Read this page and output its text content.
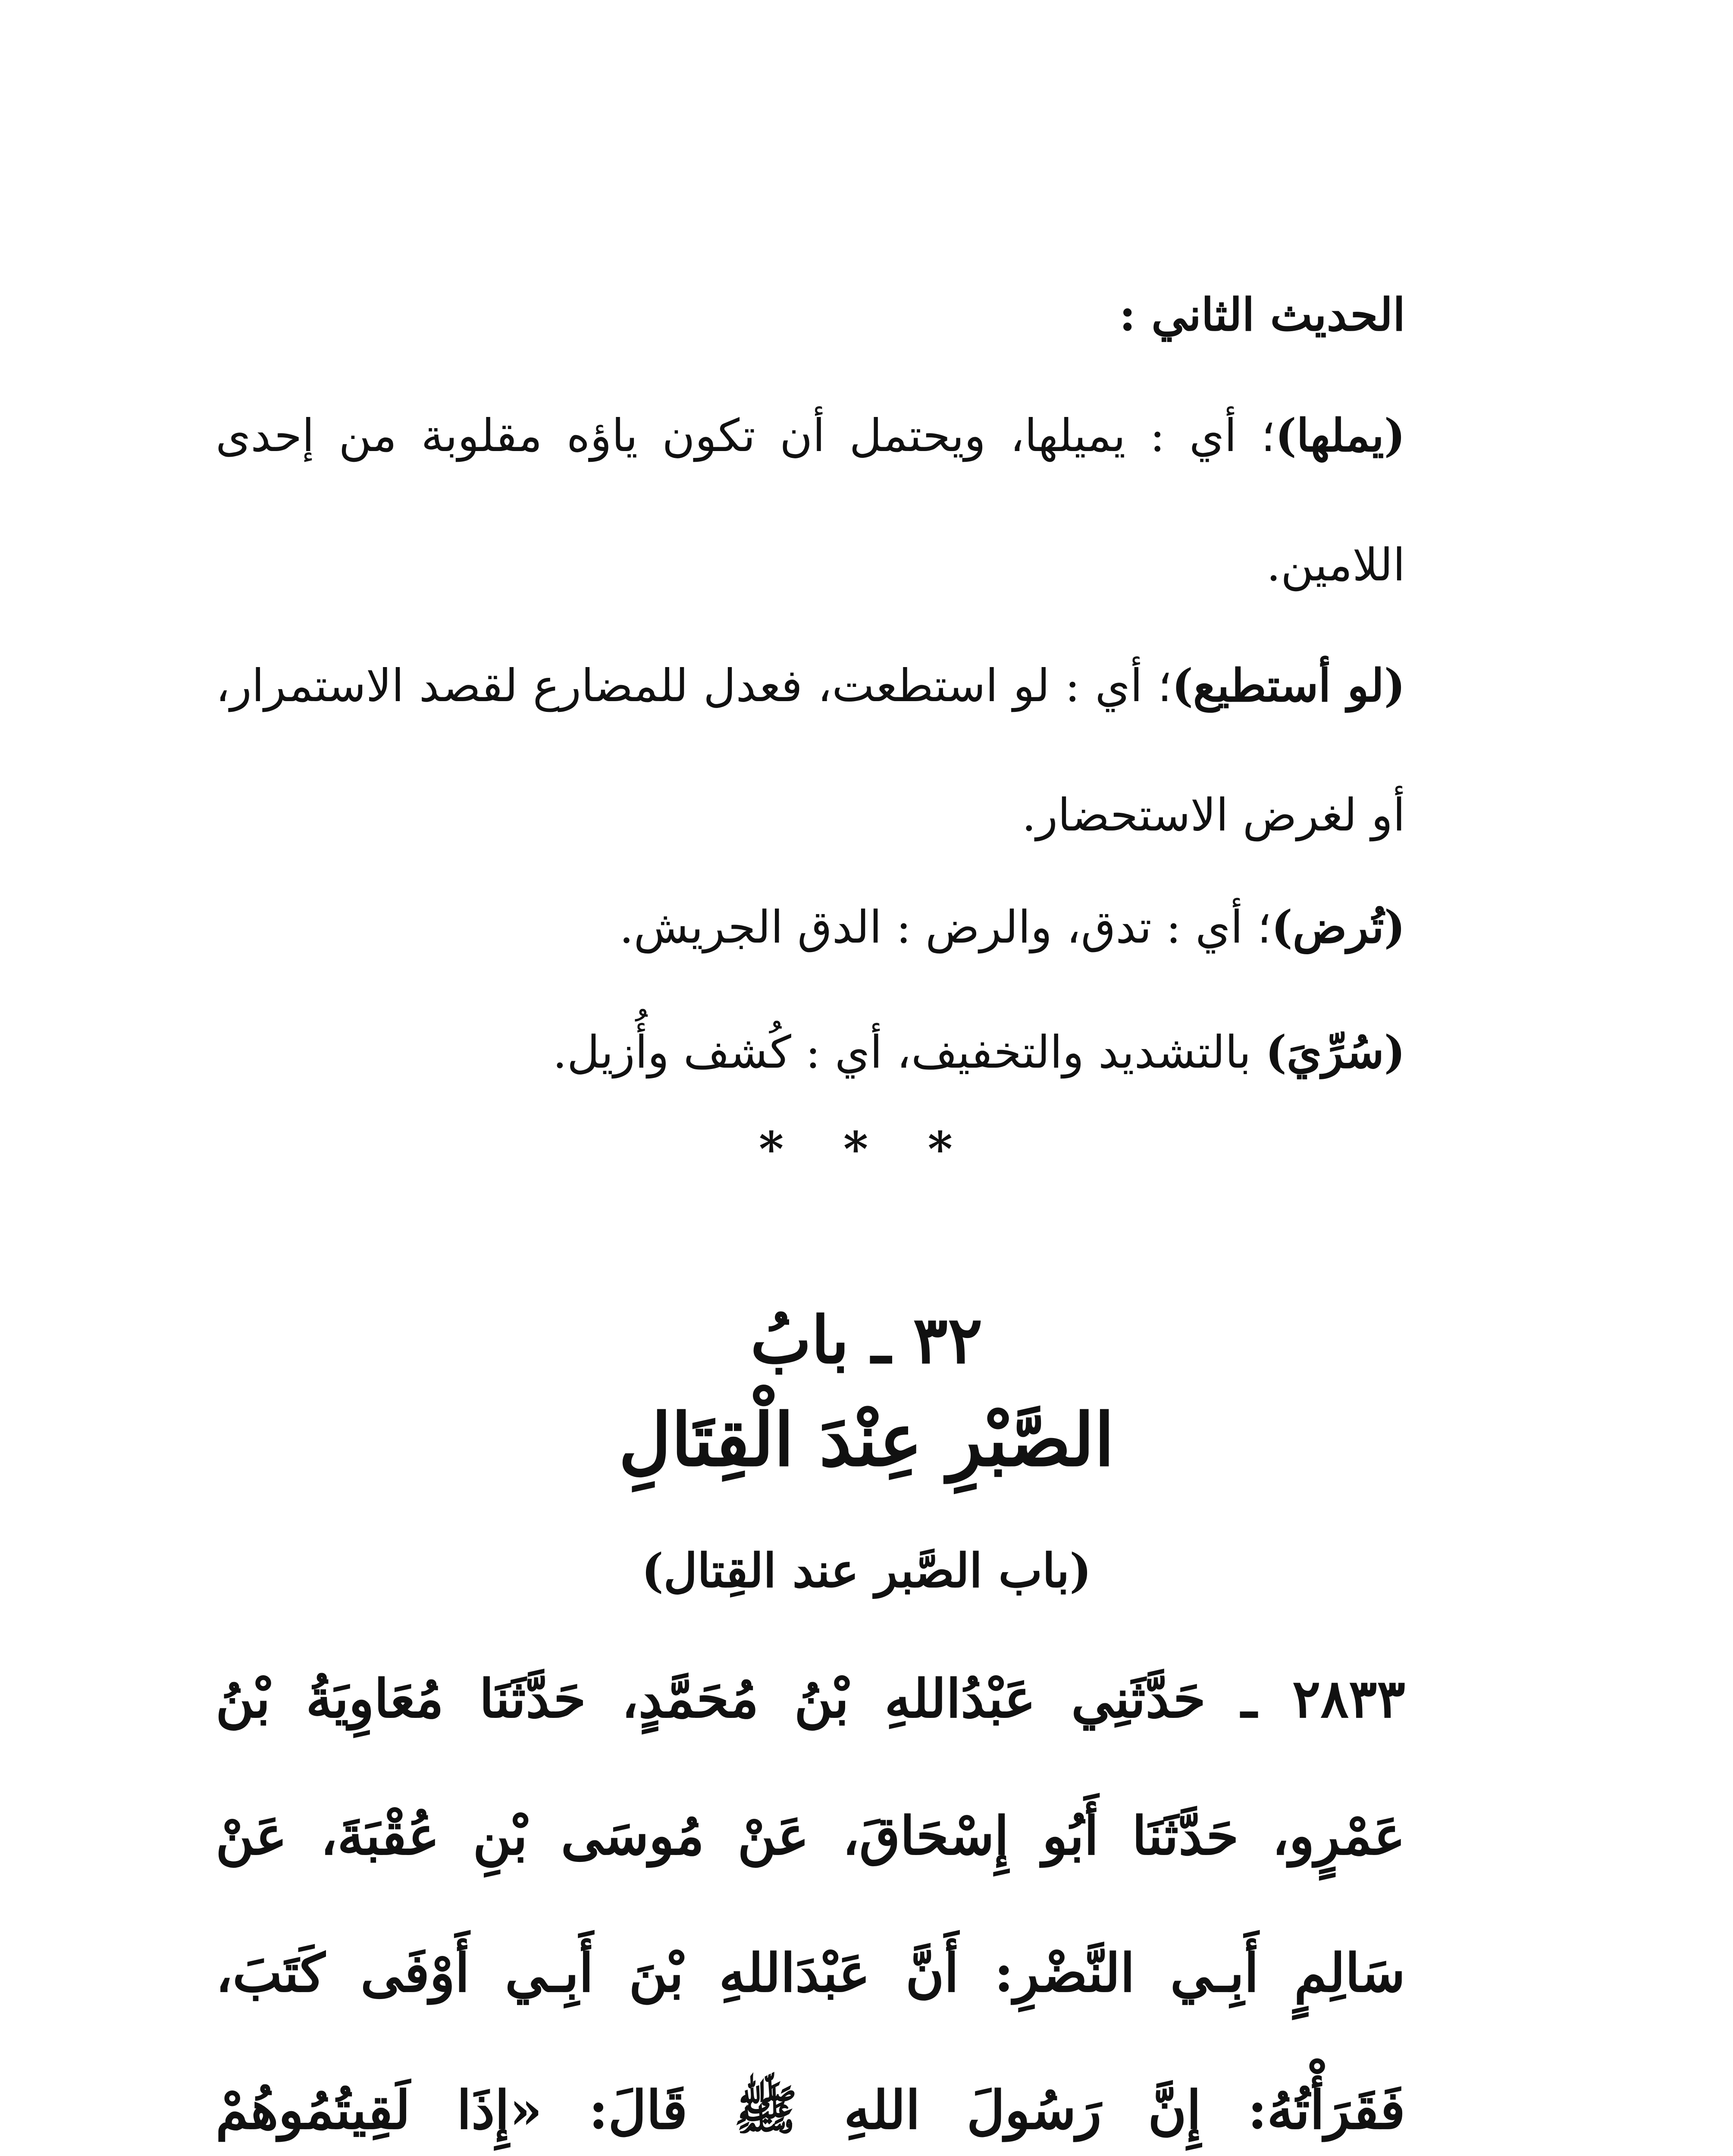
الحديث الثاني :
(يملها)؛ أي : يميلها، ويحتمل أن تكون ياؤه مقلوبة من إحدى اللامين.
(لو أستطيع)؛ أي : لو استطعت، فعدل للمضارع لقصد الاستمرار، أو لغرض الاستحضار.
(تُرض)؛ أي : تدق، والرض : الدق الجريش.
(سُرِّيَ) بالتشديد والتخفيف، أي : كُشف وأُزيل.
* * *
٣٢ ـ بابُ
الصَّبْرِ عِنْدَ الْقِتَالِ
(باب الصَّبر عند القِتال)
٢٨٣٣ ـ حَدَّثَنِي عَبْدُاللهِ بْنُ مُحَمَّدٍ، حَدَّثَنَا مُعَاوِيَةُ بْنُ عَمْرٍو، حَدَّثَنَا أَبُو إِسْحَاقَ، عَنْ مُوسَى بْنِ عُقْبَةَ، عَنْ سَالِمٍ أَبِـي النَّضْرِ: أَنَّ عَبْدَاللهِ بْنَ أَبِـي أَوْفَى كَتَبَ، فَقَرَأْتُهُ: إِنَّ رَسُولَ اللهِ ﷺ قَالَ: «إِذَا لَقِيتُمُوهُمْ
